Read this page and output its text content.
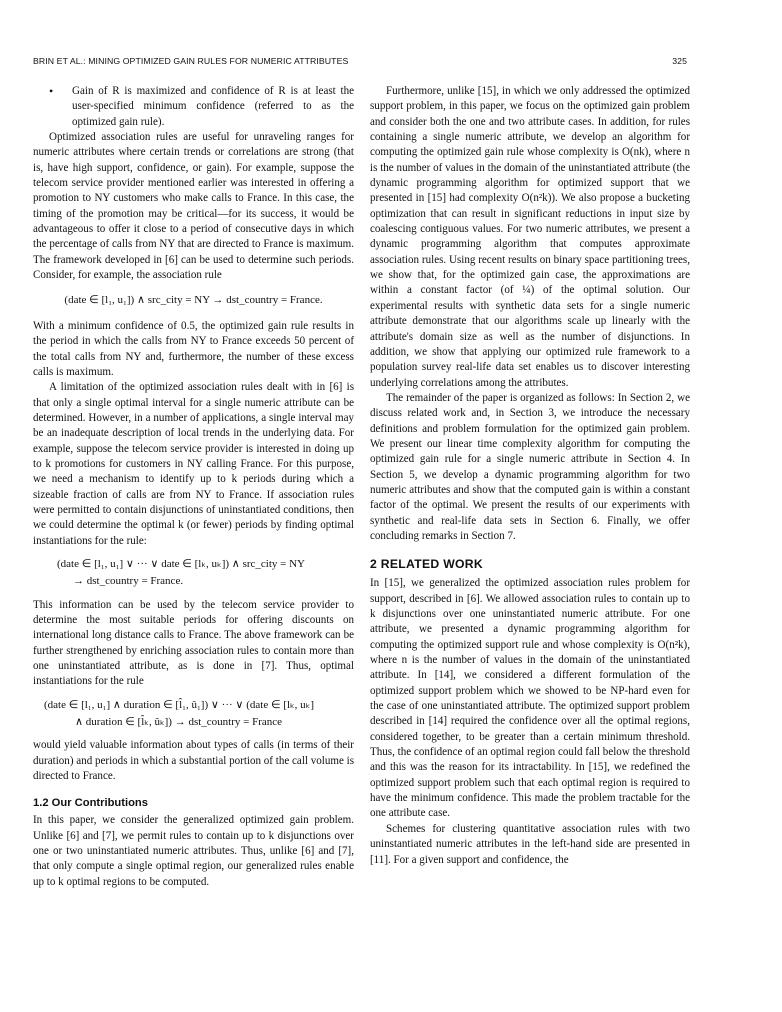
BRIN ET AL.: MINING OPTIMIZED GAIN RULES FOR NUMERIC ATTRIBUTES	325

• Gain of R is maximized and confidence of R is at least the user-specified minimum confidence (referred to as the optimized gain rule).

Optimized association rules are useful for unraveling ranges for numeric attributes where certain trends or correlations are strong (that is, have high support, confidence, or gain). For example, suppose the telecom service provider mentioned earlier was interested in offering a promotion to NY customers who make calls to France. In this case, the timing of the promotion may be critical—for its success, it would be advantageous to offer it close to a period of consecutive days in which the percentage of calls from NY that are directed to France is maximum. The framework developed in [6] can be used to determine such periods. Consider, for example, the association rule

(date ∈ [l₁, u₁]) ∧ src_city = NY → dst_country = France.

With a minimum confidence of 0.5, the optimized gain rule results in the period in which the calls from NY to France exceeds 50 percent of the total calls from NY and, furthermore, the number of these excess calls is maximum.

A limitation of the optimized association rules dealt with in [6] is that only a single optimal interval for a single numeric attribute can be determined. However, in a number of applications, a single interval may be an inadequate description of local trends in the underlying data. For example, suppose the telecom service provider is interested in doing up to k promotions for customers in NY calling France. For this purpose, we need a mechanism to identify up to k periods during which a sizeable fraction of calls are from NY to France. If association rules were permitted to contain disjunctions of uninstantiated conditions, then we could determine the optimal k (or fewer) periods by finding optimal instantiations for the rule:

(date ∈ [l₁, u₁] ∨ ··· ∨ date ∈ [lₖ, uₖ]) ∧ src_city = NY
→ dst_country = France.

This information can be used by the telecom service provider to determine the most suitable periods for offering discounts on international long distance calls to France. The above framework can be further strengthened by enriching association rules to contain more than one uninstantiated attribute, as is done in [7]. Thus, optimal instantiations for the rule

(date ∈ [l₁, u₁] ∧ duration ∈ [l̂₁, û₁]) ∨ ··· ∨ (date ∈ [lₖ, uₖ]
∧ duration ∈ [l̂ₖ, ûₖ]) → dst_country = France

would yield valuable information about types of calls (in terms of their duration) and periods in which a substantial portion of the call volume is directed to France.

1.2 Our Contributions

In this paper, we consider the generalized optimized gain problem. Unlike [6] and [7], we permit rules to contain up to k disjunctions over one or two uninstantiated numeric attributes. Thus, unlike [6] and [7], that only compute a single optimal region, our generalized rules enable up to k optimal regions to be computed.

Furthermore, unlike [15], in which we only addressed the optimized support problem, in this paper, we focus on the optimized gain problem and consider both the one and two attribute cases. In addition, for rules containing a single numeric attribute, we develop an algorithm for computing the optimized gain rule whose complexity is O(nk), where n is the number of values in the domain of the uninstantiated attribute (the dynamic programming algorithm for optimized support that we presented in [15] had complexity O(n²k)). We also propose a bucketing optimization that can result in significant reductions in input size by coalescing contiguous values. For two numeric attributes, we present a dynamic programming algorithm that computes approximate association rules. Using recent results on binary space partitioning trees, we show that, for the optimized gain case, the approximations are within a constant factor (of ¼) of the optimal solution. Our experimental results with synthetic data sets for a single numeric attribute demonstrate that our algorithms scale up linearly with the attribute's domain size as well as the number of disjunctions. In addition, we show that applying our optimized rule framework to a population survey real-life data set enables us to discover interesting underlying correlations among the attributes.

The remainder of the paper is organized as follows: In Section 2, we discuss related work and, in Section 3, we introduce the necessary definitions and problem formulation for the optimized gain problem. We present our linear time complexity algorithm for computing the optimized gain rule for a single numeric attribute in Section 4. In Section 5, we develop a dynamic programming algorithm for two numeric attributes and show that the computed gain is within a constant factor of the optimal. We present the results of our experiments with synthetic and real-life data sets in Section 6. Finally, we offer concluding remarks in Section 7.

2 RELATED WORK

In [15], we generalized the optimized association rules problem for support, described in [6]. We allowed association rules to contain up to k disjunctions over one uninstantiated numeric attribute. For one attribute, we presented a dynamic programming algorithm for computing the optimized support rule and whose complexity is O(n²k), where n is the number of values in the domain of the uninstantiated attribute. In [14], we considered a different formulation of the optimized support problem which we showed to be NP-hard even for the case of one uninstantiated attribute. The optimized support problem described in [14] required the confidence over all the optimal regions, considered together, to be greater than a certain minimum threshold. Thus, the confidence of an optimal region could fall below the threshold and this was the reason for its intractability. In [15], we redefined the optimized support problem such that each optimal region is required to have the minimum confidence. This made the problem tractable for the one attribute case.

Schemes for clustering quantitative association rules with two uninstantiated numeric attributes in the left-hand side are presented in [11]. For a given support and confidence, the
